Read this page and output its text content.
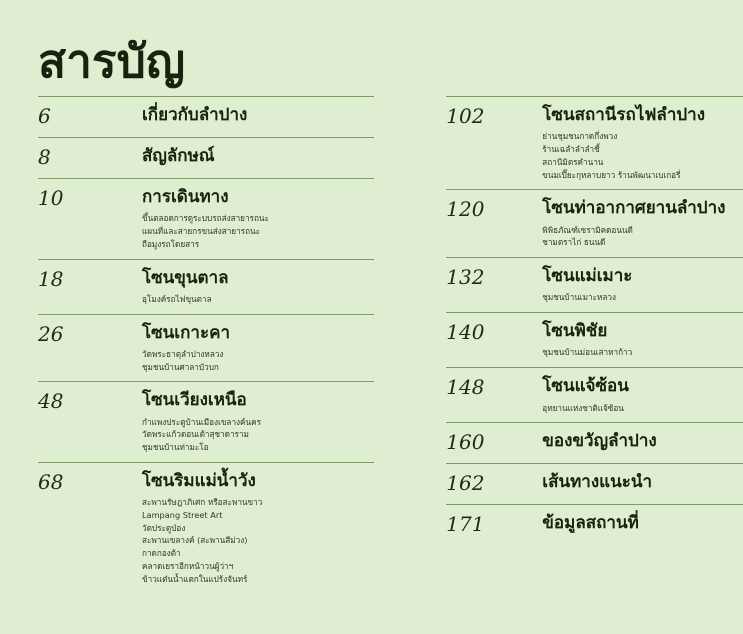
สารบัญ
6	เกี่ยวกับลำปาง
8	สัญลักษณ์
10	การเดินทาง
ขึ้นตลอดการดูระบบรถส่งสายารถนะ
แผนที่และสายกรขนส่งสายารถนะ
ถือมูงรถโดยสาร
18	โซนขุนตาล
อุโมงค์รถไฟขุนตาล
26	โซนเกาะคา
วัดพระธาตุลำปางหลวง
ชุมชนบ้านศาลาบัวบก
48	โซนเวียงเหนือ
กำแพงประตูบ้านเมืองเขลางค์นคร
วัดพระแก้วดอนเต้าสุชาดาราม
ชุมชนบ้านท่ามะโอ
68	โซนริมแม่น้ำวัง
สะพานรัษฎาภิเศก หรือสะพานขาว
Lampang Street Art
วัดประตูป่อง
สะพานเขลางค์ (สะพานสีม่วง)
กาดกองต้า
คลาดเยราอีกหน้าวนผู้ว่าฯ
ข้าวแต๋นน้ำแตกในแปร้งจันทร์
102	โซนสถานีรถไฟลำปาง
ย่านชุมชนกาดกึ่งพวง
ร้านเฉลำลำลำชี้
สถานีมิตรคำนาน
ขนมเปี๊ยะกุหลาบยาว ร้านพัฒนาเบเกอรี่
120	โซนท่าอากาศยานลำปาง
พิพิธภัณฑ์เซรามิคดอนนดี
ชามตราไก่ ธนนดี
132	โซนแม่เมาะ
ชุมชนบ้านเมาะหลวง
140	โซนพิชัย
ชุมชนบ้านม่อนเสาหาก้าว
148	โซนแจ้ซ้อน
อุทยานแห่งชาติแจ้ซ้อน
160	ของขวัญลำปาง
162	เส้นทางแนะนำ
171	ข้อมูลสถานที่
